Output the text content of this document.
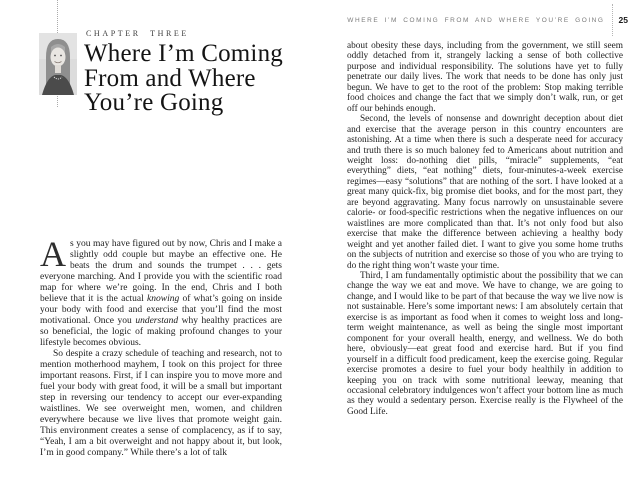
CHAPTER THREE
Where I’m Coming
From and Where
You’re Going

As you may have figured out by now, Chris and I make a slightly odd couple but maybe an effective one. He beats the drum and sounds the trumpet . . . gets everyone marching. And I provide you with the scientific road map for where we’re going. In the end, Chris and I both believe that it is the actual knowing of what’s going on inside your body with food and exercise that you’ll find the most motivational. Once you understand why healthy practices are so beneficial, the logic of making profound changes to your lifestyle becomes obvious.

So despite a crazy schedule of teaching and research, not to mention motherhood mayhem, I took on this project for three important reasons. First, if I can inspire you to move more and fuel your body with great food, it will be a small but important step in reversing our tendency to accept our ever-expanding waistlines. We see overweight men, women, and children everywhere because we live lives that promote weight gain. This environment creates a sense of complacency, as if to say, “Yeah, I am a bit overweight and not happy about it, but look, I’m in good company.” While there’s a lot of talk

WHERE I’M COMING FROM AND WHERE YOU’RE GOING 25

about obesity these days, including from the government, we still seem oddly detached from it, strangely lacking a sense of both collective purpose and individual responsibility. The solutions have yet to fully penetrate our daily lives. The work that needs to be done has only just begun. We have to get to the root of the problem: Stop making terrible food choices and change the fact that we simply don’t walk, run, or get off our behinds enough.

Second, the levels of nonsense and downright deception about diet and exercise that the average person in this country encounters are astonishing. At a time when there is such a desperate need for accuracy and truth there is so much baloney fed to Americans about nutrition and weight loss: do-nothing diet pills, “miracle” supplements, “eat everything” diets, “eat nothing” diets, four-minutes-a-week exercise regimes—easy “solutions” that are nothing of the sort. I have looked at a great many quick-fix, big promise diet books, and for the most part, they are beyond aggravating. Many focus narrowly on unsustainable severe calorie- or food-specific restrictions when the negative influences on our waistlines are more complicated than that. It’s not only food but also exercise that make the difference between achieving a healthy body weight and yet another failed diet. I want to give you some home truths on the subjects of nutrition and exercise so those of you who are trying to do the right thing won’t waste your time.

Third, I am fundamentally optimistic about the possibility that we can change the way we eat and move. We have to change, we are going to change, and I would like to be part of that because the way we live now is not sustainable. Here’s some important news: I am absolutely certain that exercise is as important as food when it comes to weight loss and long-term weight maintenance, as well as being the single most important component for your overall health, energy, and wellness. We do both here, obviously—eat great food and exercise hard. But if you find yourself in a difficult food predicament, keep the exercise going. Regular exercise promotes a desire to fuel your body healthily in addition to keeping you on track with some nutritional leeway, meaning that occasional celebratory indulgences won’t affect your bottom line as much as they would a sedentary person. Exercise really is the Flywheel of the Good Life.
